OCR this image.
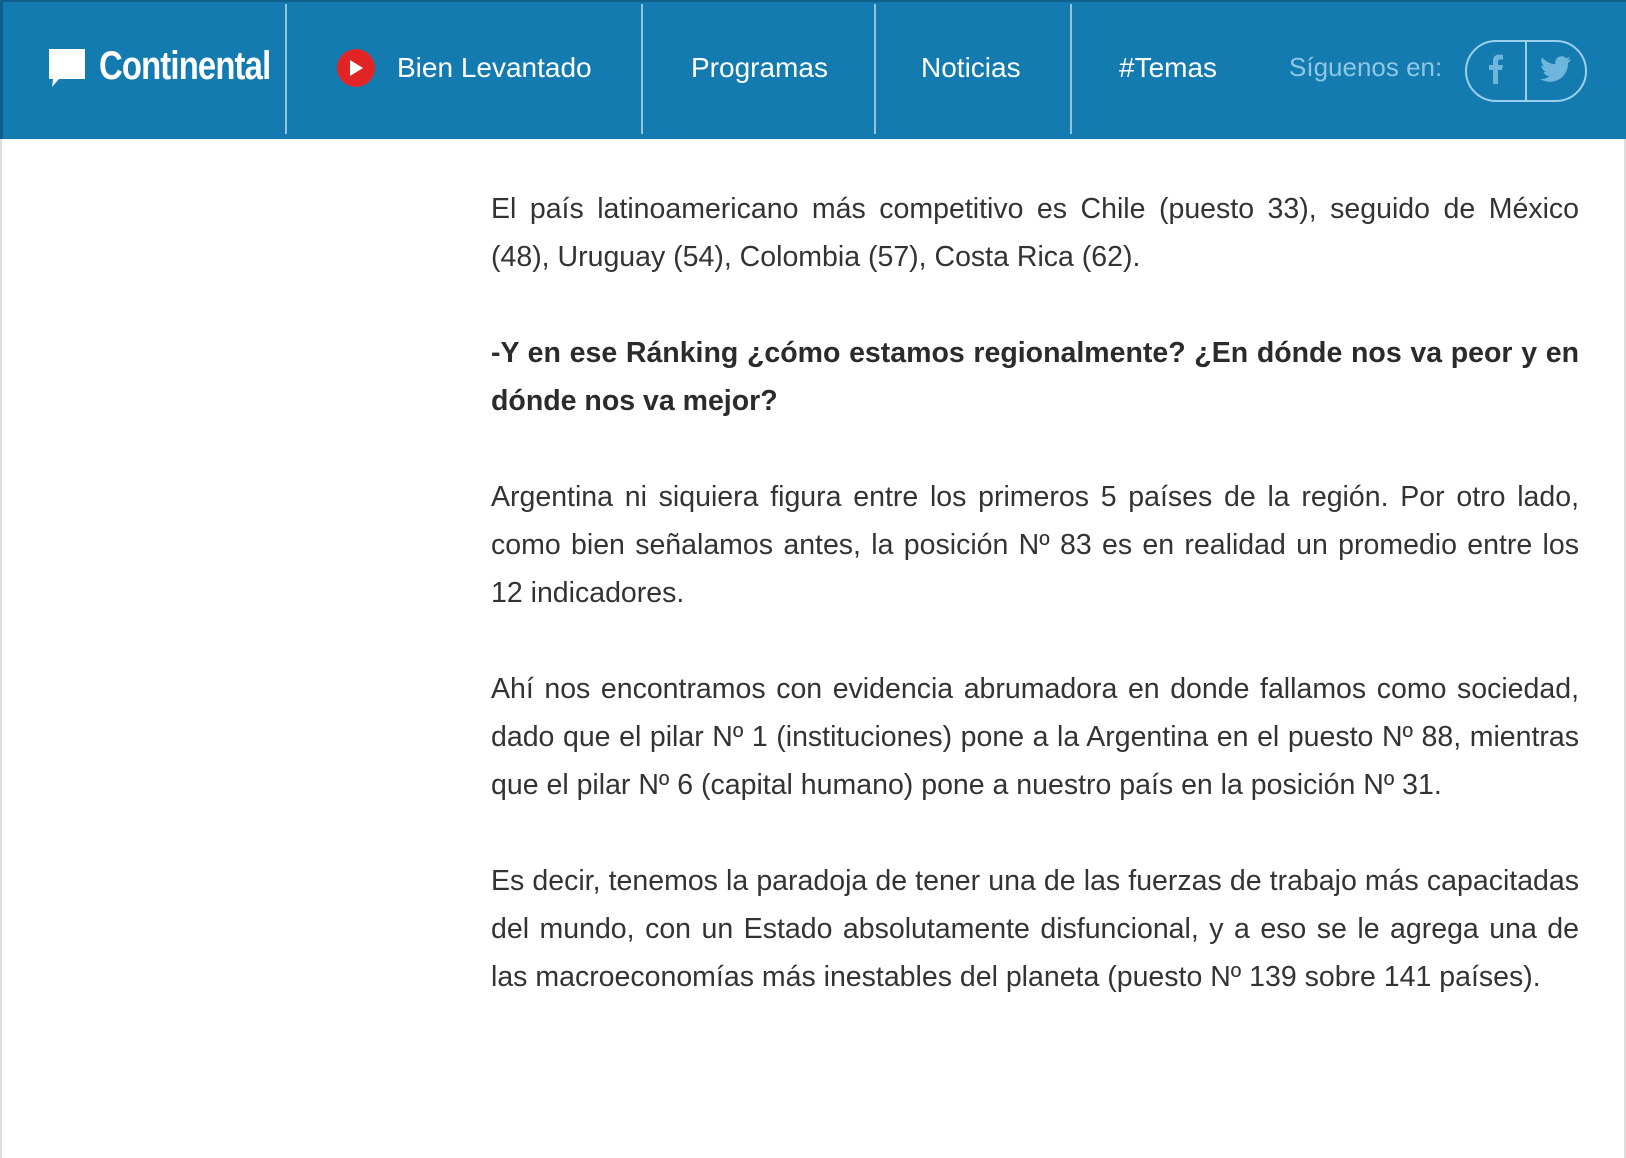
Continental	Bien Levantado	Programas	Noticias	#Temas	Síguenos en:

El país latinoamericano más competitivo es Chile (puesto 33), seguido de México (48), Uruguay (54), Colombia (57), Costa Rica (62).

-Y en ese Ránking ¿cómo estamos regionalmente? ¿En dónde nos va peor y en dónde nos va mejor?

Argentina ni siquiera figura entre los primeros 5 países de la región. Por otro lado, como bien señalamos antes, la posición Nº 83 es en realidad un promedio entre los 12 indicadores.

Ahí nos encontramos con evidencia abrumadora en donde fallamos como sociedad, dado que el pilar Nº 1 (instituciones) pone a la Argentina en el puesto Nº 88, mientras que el pilar Nº 6 (capital humano) pone a nuestro país en la posición Nº 31.

Es decir, tenemos la paradoja de tener una de las fuerzas de trabajo más capacitadas del mundo, con un Estado absolutamente disfuncional, y a eso se le agrega una de las macroeconomías más inestables del planeta (puesto Nº 139 sobre 141 países).
